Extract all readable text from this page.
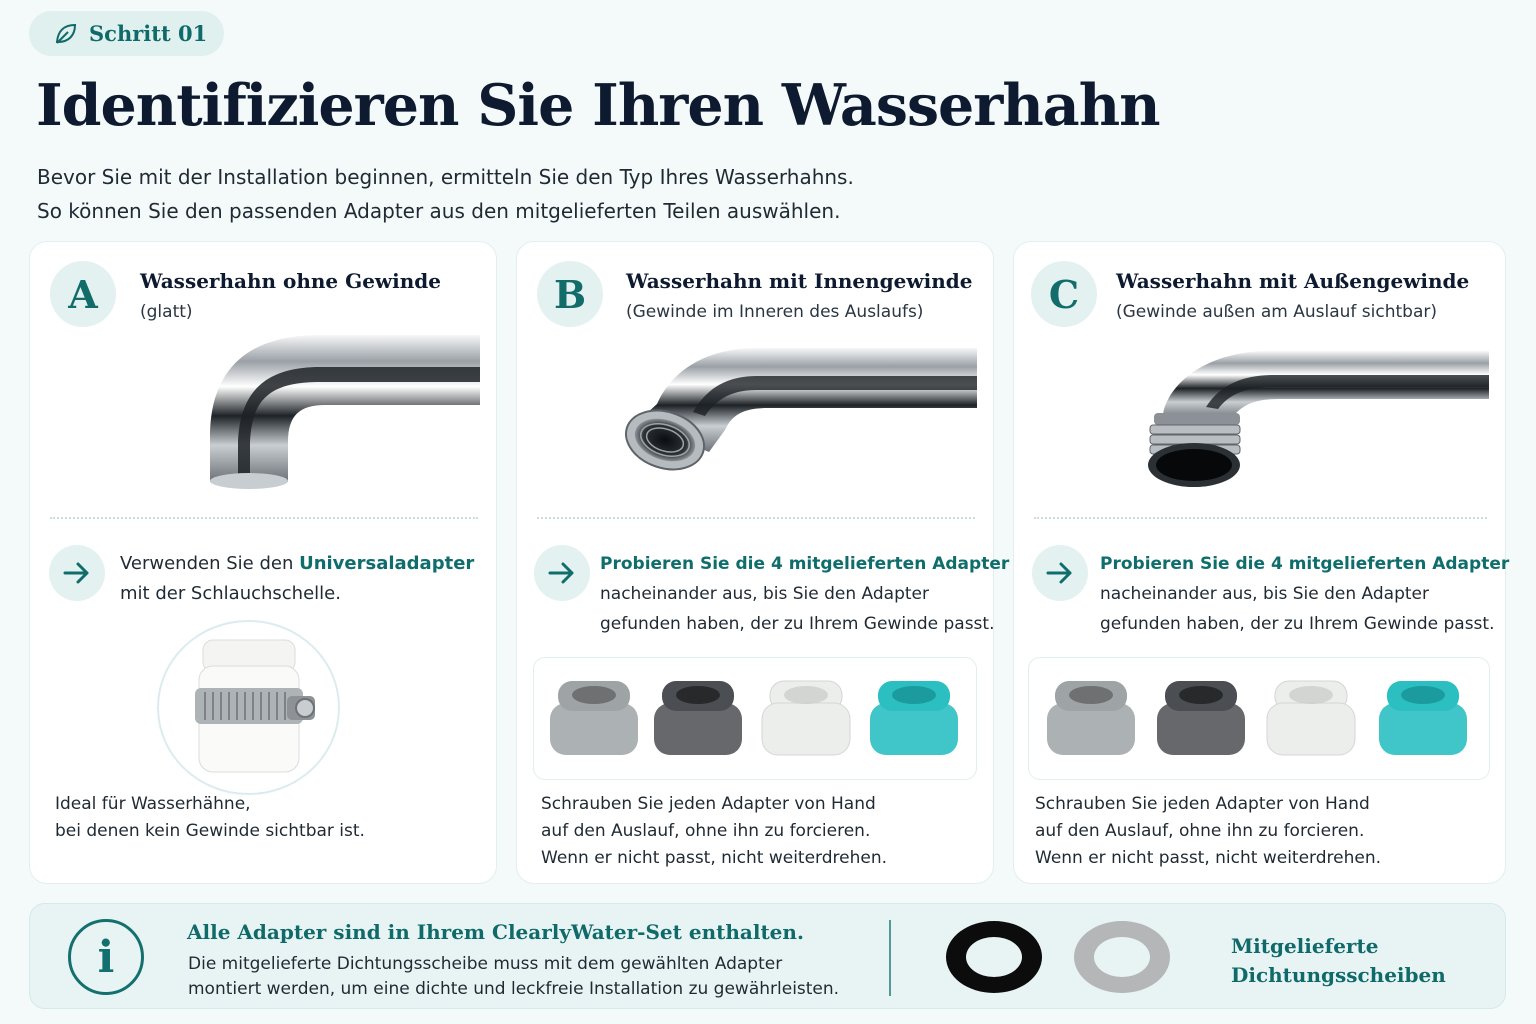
Schritt 01
Identifizieren Sie Ihren Wasserhahn
Bevor Sie mit der Installation beginnen, ermitteln Sie den Typ Ihres Wasserhahns.
So können Sie den passenden Adapter aus den mitgelieferten Teilen auswählen.
A	Wasserhahn ohne Gewinde
(glatt)
Verwenden Sie den Universaladapter
mit der Schlauchschelle.
Ideal für Wasserhähne,
bei denen kein Gewinde sichtbar ist.
B	Wasserhahn mit Innengewinde
(Gewinde im Inneren des Auslaufs)
Probieren Sie die 4 mitgelieferten Adapter
nacheinander aus, bis Sie den Adapter
gefunden haben, der zu Ihrem Gewinde passt.
Schrauben Sie jeden Adapter von Hand
auf den Auslauf, ohne ihn zu forcieren.
Wenn er nicht passt, nicht weiterdrehen.
C	Wasserhahn mit Außengewinde
(Gewinde außen am Auslauf sichtbar)
Probieren Sie die 4 mitgelieferten Adapter
nacheinander aus, bis Sie den Adapter
gefunden haben, der zu Ihrem Gewinde passt.
Schrauben Sie jeden Adapter von Hand
auf den Auslauf, ohne ihn zu forcieren.
Wenn er nicht passt, nicht weiterdrehen.
i	Alle Adapter sind in Ihrem ClearlyWater-Set enthalten.
Die mitgelieferte Dichtungsscheibe muss mit dem gewählten Adapter
montiert werden, um eine dichte und leckfreie Installation zu gewährleisten.
Mitgelieferte
Dichtungsscheiben
